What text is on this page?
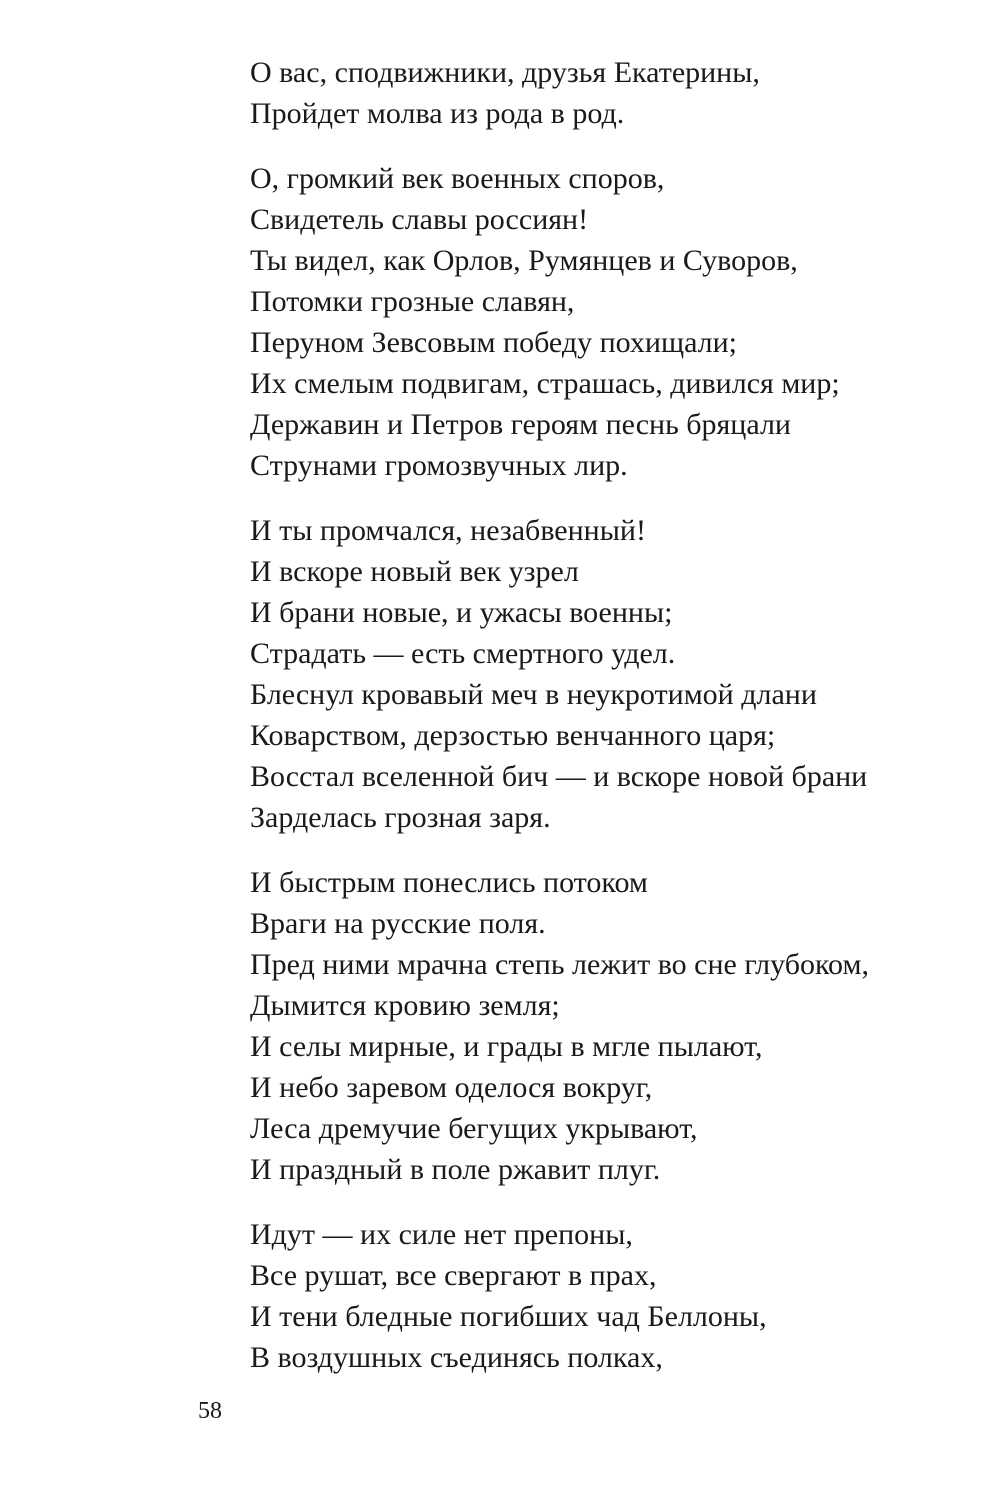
О вас, сподвижники, друзья Екатерины,
Пройдет молва из рода в род.
О, громкий век военных споров,
Свидетель славы россиян!
Ты видел, как Орлов, Румянцев и Суворов,
Потомки грозные славян,
Перуном Зевсовым победу похищали;
Их смелым подвигам, страшась, дивился мир;
Державин и Петров героям песнь бряцали
Струнами громозвучных лир.
И ты промчался, незабвенный!
И вскоре новый век узрел
И брани новые, и ужасы военны;
Страдать — есть смертного удел.
Блеснул кровавый меч в неукротимой длани
Коварством, дерзостью венчанного царя;
Восстал вселенной бич — и вскоре новой брани
Зарделась грозная заря.
И быстрым понеслись потоком
Враги на русские поля.
Пред ними мрачна степь лежит во сне глубоком,
Дымится кровию земля;
И селы мирные, и грады в мгле пылают,
И небо заревом оделося вокруг,
Леса дремучие бегущих укрывают,
И праздный в поле ржавит плуг.
Идут — их силе нет препоны,
Все рушат, все свергают в прах,
И тени бледные погибших чад Беллоны,
В воздушных съединясь полках,
58
